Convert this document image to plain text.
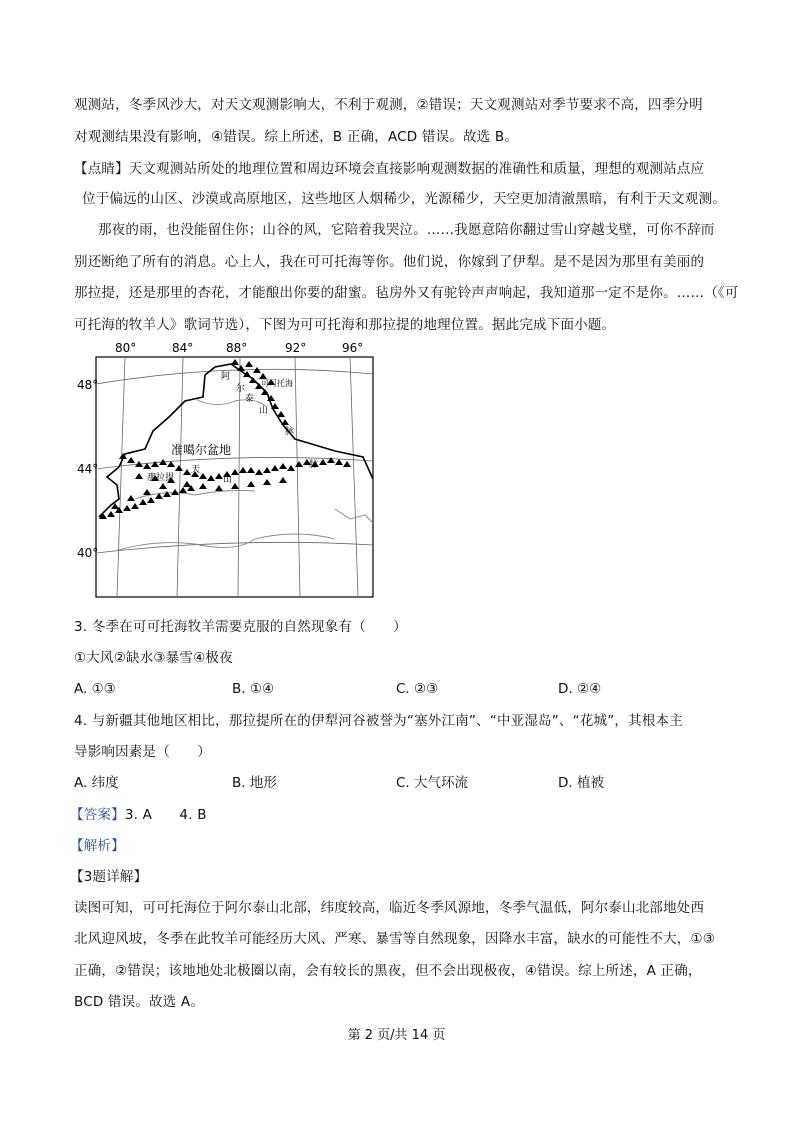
观测站，冬季风沙大，对天文观测影响大，不利于观测，②错误；天文观测站对季节要求不高，四季分明
对观测结果没有影响，④错误。综上所述，B 正确，ACD 错误。故选 B。
【点睛】天文观测站所处的地理位置和周边环境会直接影响观测数据的准确性和质量，理想的观测站点应
位于偏远的山区、沙漠或高原地区，这些地区人烟稀少，光源稀少，天空更加清澈黑暗，有利于天文观测。
那夜的雨，也没能留住你；山谷的风，它陪着我哭泣。……我愿意陪你翻过雪山穿越戈壁，可你不辞而
别还断绝了所有的消息。心上人，我在可可托海等你。他们说，你嫁到了伊犁。是不是因为那里有美丽的
那拉提，还是那里的杏花，才能酿出你要的甜蜜。毡房外又有驼铃声声响起，我知道那一定不是你。……（《可
可托海的牧羊人》歌词节选），下图为可可托海和那拉提的地理位置。据此完成下面小题。
80°	84°	88°	92°	96°
48°
44°
40°
可可托海
阿
尔
泰
山
脉
准噶尔盆地
那拉提
天
山
脉
3. 冬季在可可托海牧羊需要克服的自然现象有（　　）
①大风②缺水③暴雪④极夜
A. ①③	B. ①④	C. ②③	D. ②④
4. 与新疆其他地区相比，那拉提所在的伊犁河谷被誉为“塞外江南”、“中亚湿岛”、“花城”，其根本主
导影响因素是（　　）
A. 纬度	B. 地形	C. 大气环流	D. 植被
【答案】3. A　　4. B
【解析】
【3题详解】
读图可知，可可托海位于阿尔泰山北部，纬度较高，临近冬季风源地，冬季气温低，阿尔泰山北部地处西
北风迎风坡，冬季在此牧羊可能经历大风、严寒、暴雪等自然现象，因降水丰富，缺水的可能性不大，①③
正确，②错误；该地地处北极圈以南，会有较长的黑夜，但不会出现极夜，④错误。综上所述，A 正确，
BCD 错误。故选 A。
第 2 页/共 14 页
